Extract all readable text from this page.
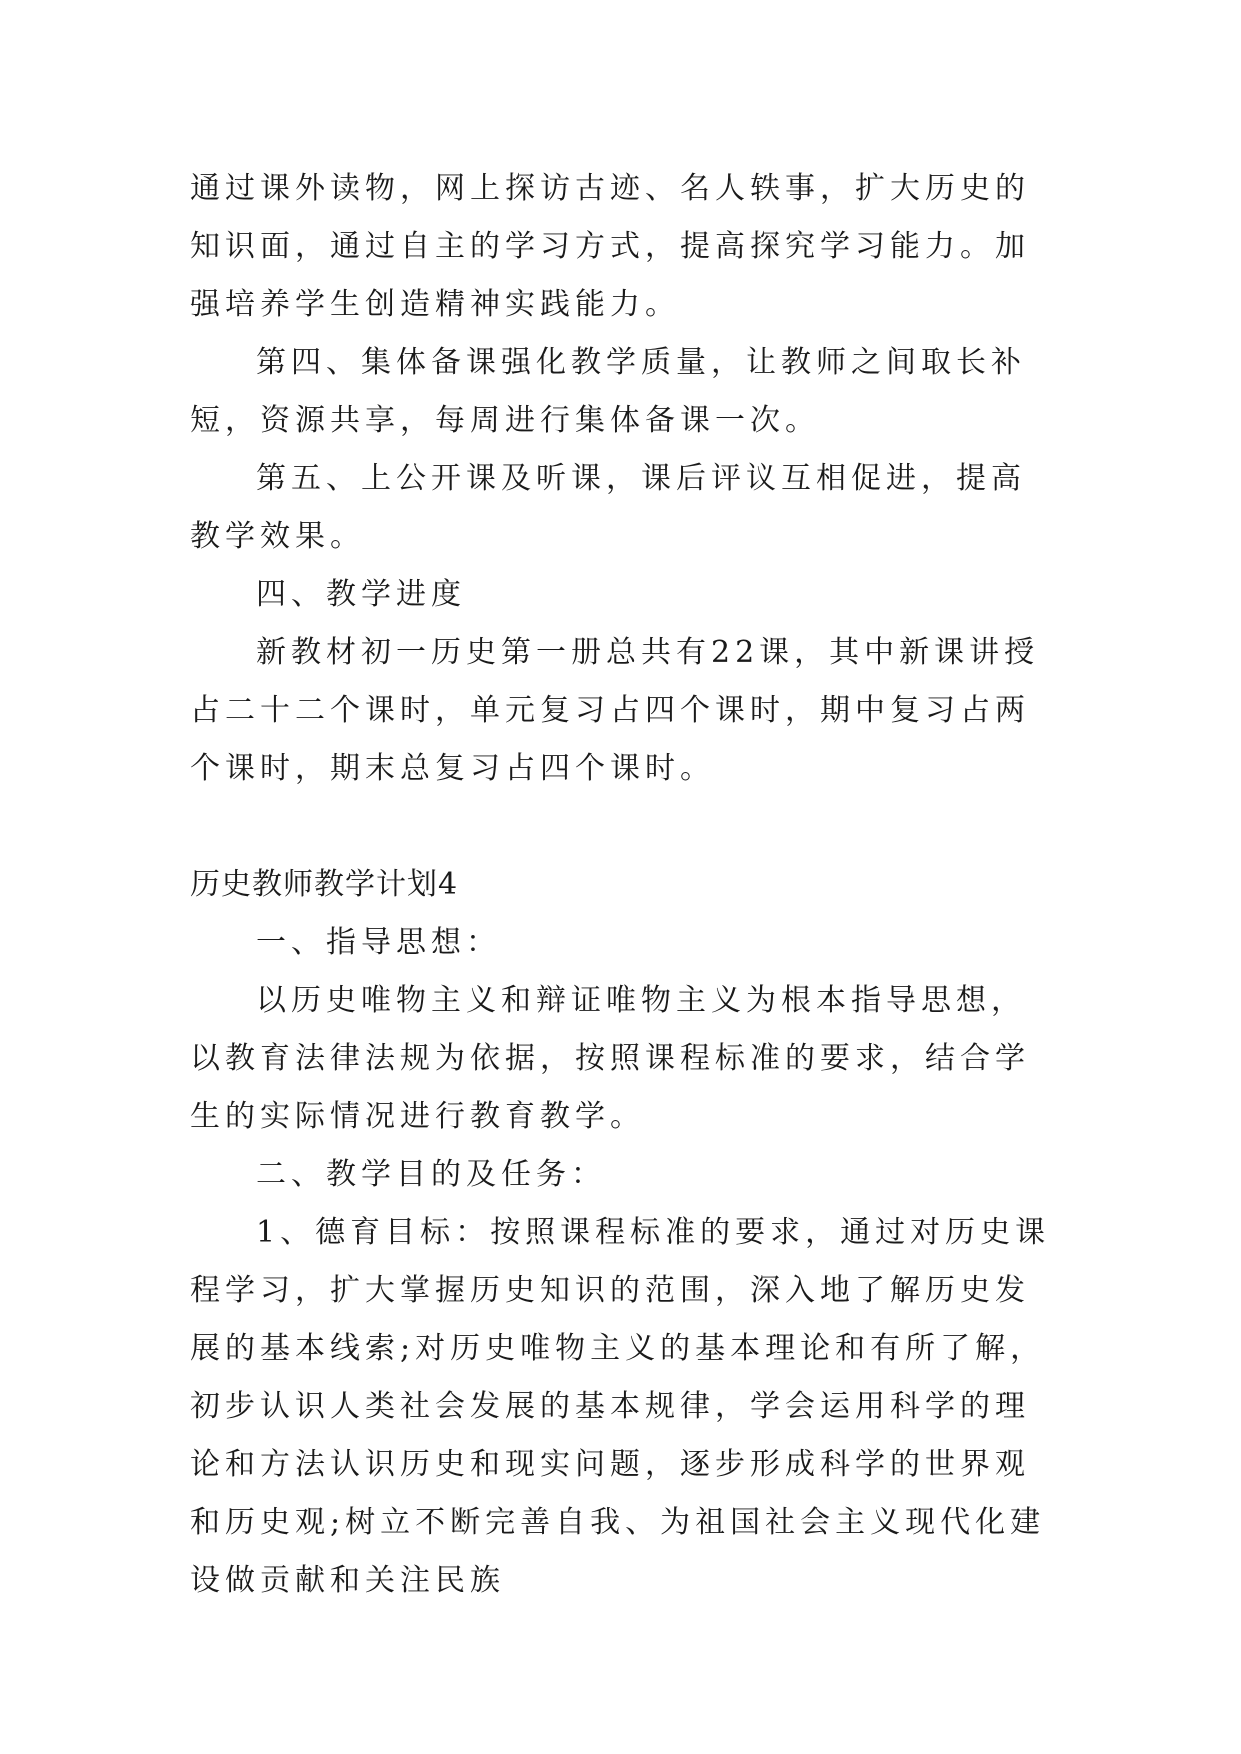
通过课外读物，网上探访古迹、名人轶事，扩大历史的知识面，通过自主的学习方式，提高探究学习能力。加强培养学生创造精神实践能力。

第四、集体备课强化教学质量，让教师之间取长补短，资源共享，每周进行集体备课一次。

第五、上公开课及听课，课后评议互相促进，提高教学效果。

四、教学进度

新教材初一历史第一册总共有22课，其中新课讲授占二十二个课时，单元复习占四个课时，期中复习占两个课时，期末总复习占四个课时。

历史教师教学计划4

一、指导思想：

以历史唯物主义和辩证唯物主义为根本指导思想，以教育法律法规为依据，按照课程标准的要求，结合学生的实际情况进行教育教学。

二、教学目的及任务：

1、德育目标：按照课程标准的要求，通过对历史课程学习，扩大掌握历史知识的范围，深入地了解历史发展的基本线索;对历史唯物主义的基本理论和有所了解，初步认识人类社会发展的基本规律，学会运用科学的理论和方法认识历史和现实问题，逐步形成科学的世界观和历史观;树立不断完善自我、为祖国社会主义现代化建设做贡献和关注民族
